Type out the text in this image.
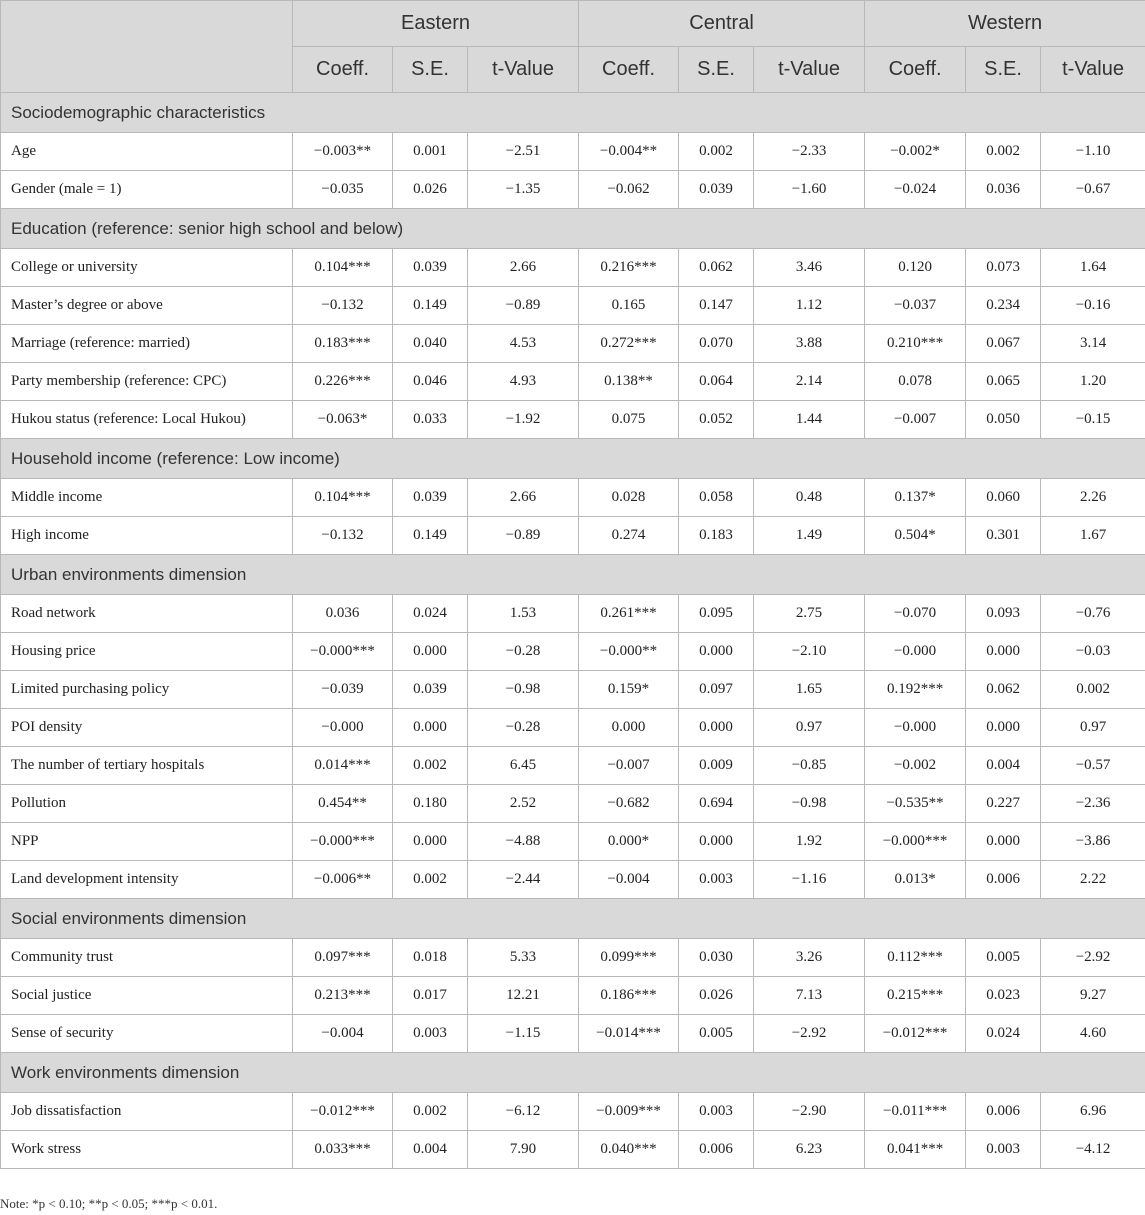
	Eastern			Central			Western		
	Coeff.	S.E.	t-Value	Coeff.	S.E.	t-Value	Coeff.	S.E.	t-Value
Sociodemographic characteristics									
Age	−0.003**	0.001	−2.51	−0.004**	0.002	−2.33	−0.002*	0.002	−1.10
Gender (male = 1)	−0.035	0.026	−1.35	−0.062	0.039	−1.60	−0.024	0.036	−0.67
Education (reference: senior high school and below)									
College or university	0.104***	0.039	2.66	0.216***	0.062	3.46	0.120	0.073	1.64
Master’s degree or above	−0.132	0.149	−0.89	0.165	0.147	1.12	−0.037	0.234	−0.16
Marriage (reference: married)	0.183***	0.040	4.53	0.272***	0.070	3.88	0.210***	0.067	3.14
Party membership (reference: CPC)	0.226***	0.046	4.93	0.138**	0.064	2.14	0.078	0.065	1.20
Hukou status (reference: Local Hukou)	−0.063*	0.033	−1.92	0.075	0.052	1.44	−0.007	0.050	−0.15
Household income (reference: Low income)									
Middle income	0.104***	0.039	2.66	0.028	0.058	0.48	0.137*	0.060	2.26
High income	−0.132	0.149	−0.89	0.274	0.183	1.49	0.504*	0.301	1.67
Urban environments dimension									
Road network	0.036	0.024	1.53	0.261***	0.095	2.75	−0.070	0.093	−0.76
Housing price	−0.000***	0.000	−0.28	−0.000**	0.000	−2.10	−0.000	0.000	−0.03
Limited purchasing policy	−0.039	0.039	−0.98	0.159*	0.097	1.65	0.192***	0.062	0.002
POI density	−0.000	0.000	−0.28	0.000	0.000	0.97	−0.000	0.000	0.97
The number of tertiary hospitals	0.014***	0.002	6.45	−0.007	0.009	−0.85	−0.002	0.004	−0.57
Pollution	0.454**	0.180	2.52	−0.682	0.694	−0.98	−0.535**	0.227	−2.36
NPP	−0.000***	0.000	−4.88	0.000*	0.000	1.92	−0.000***	0.000	−3.86
Land development intensity	−0.006**	0.002	−2.44	−0.004	0.003	−1.16	0.013*	0.006	2.22
Social environments dimension									
Community trust	0.097***	0.018	5.33	0.099***	0.030	3.26	0.112***	0.005	−2.92
Social justice	0.213***	0.017	12.21	0.186***	0.026	7.13	0.215***	0.023	9.27
Sense of security	−0.004	0.003	−1.15	−0.014***	0.005	−2.92	−0.012***	0.024	4.60
Work environments dimension									
Job dissatisfaction	−0.012***	0.002	−6.12	−0.009***	0.003	−2.90	−0.011***	0.006	6.96
Work stress	0.033***	0.004	7.90	0.040***	0.006	6.23	0.041***	0.003	−4.12
Note: *p < 0.10; **p < 0.05; ***p < 0.01.
